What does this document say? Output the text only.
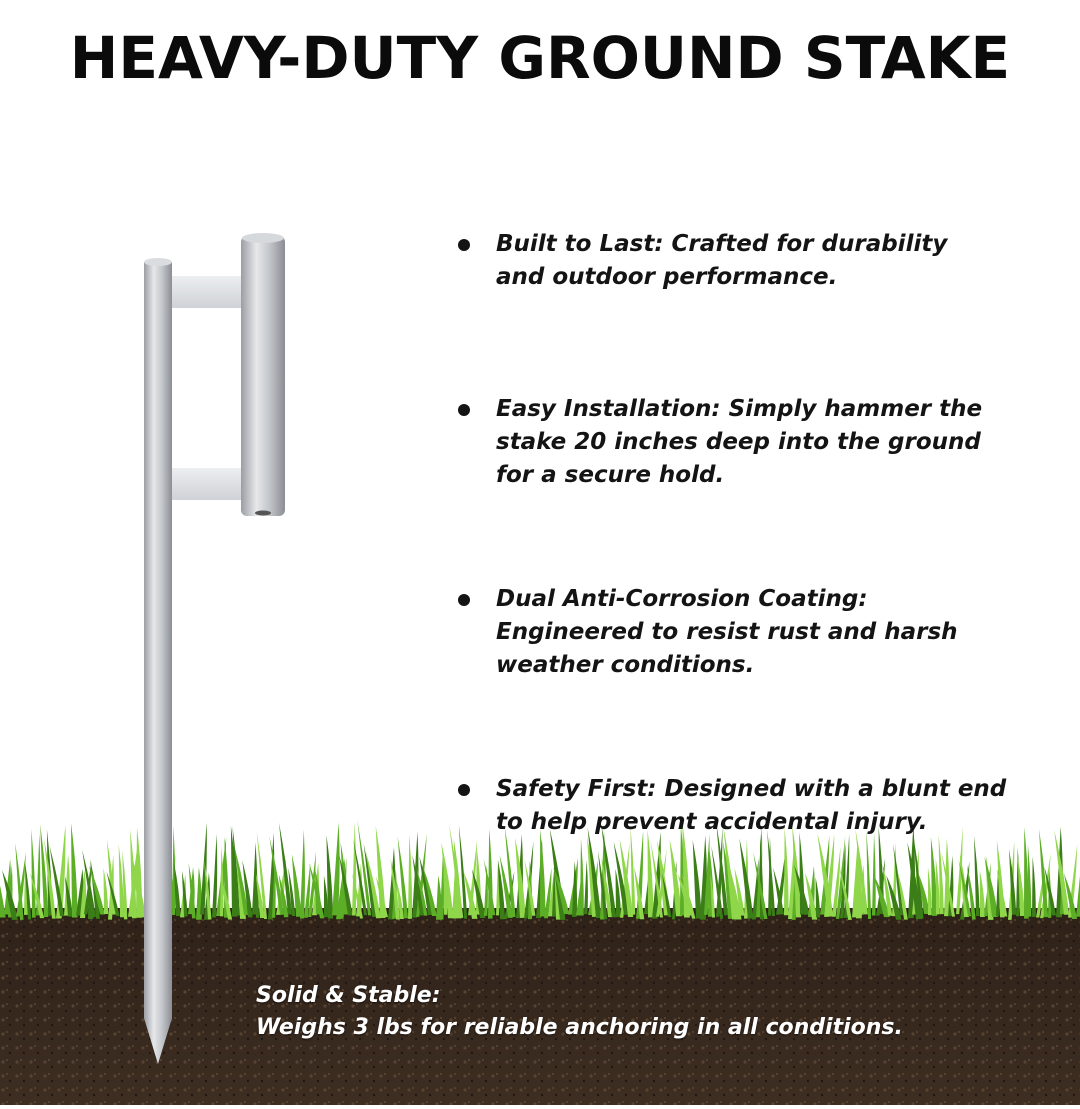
HEAVY-DUTY GROUND STAKE
Built to Last: Crafted for durability
and outdoor performance.
Easy Installation: Simply hammer the
stake 20 inches deep into the ground
for a secure hold.
Dual Anti-Corrosion Coating:
Engineered to resist rust and harsh
weather conditions.
Safety First: Designed with a blunt end
to help prevent accidental injury.
Solid & Stable:
Weighs 3 lbs for reliable anchoring in all conditions.
